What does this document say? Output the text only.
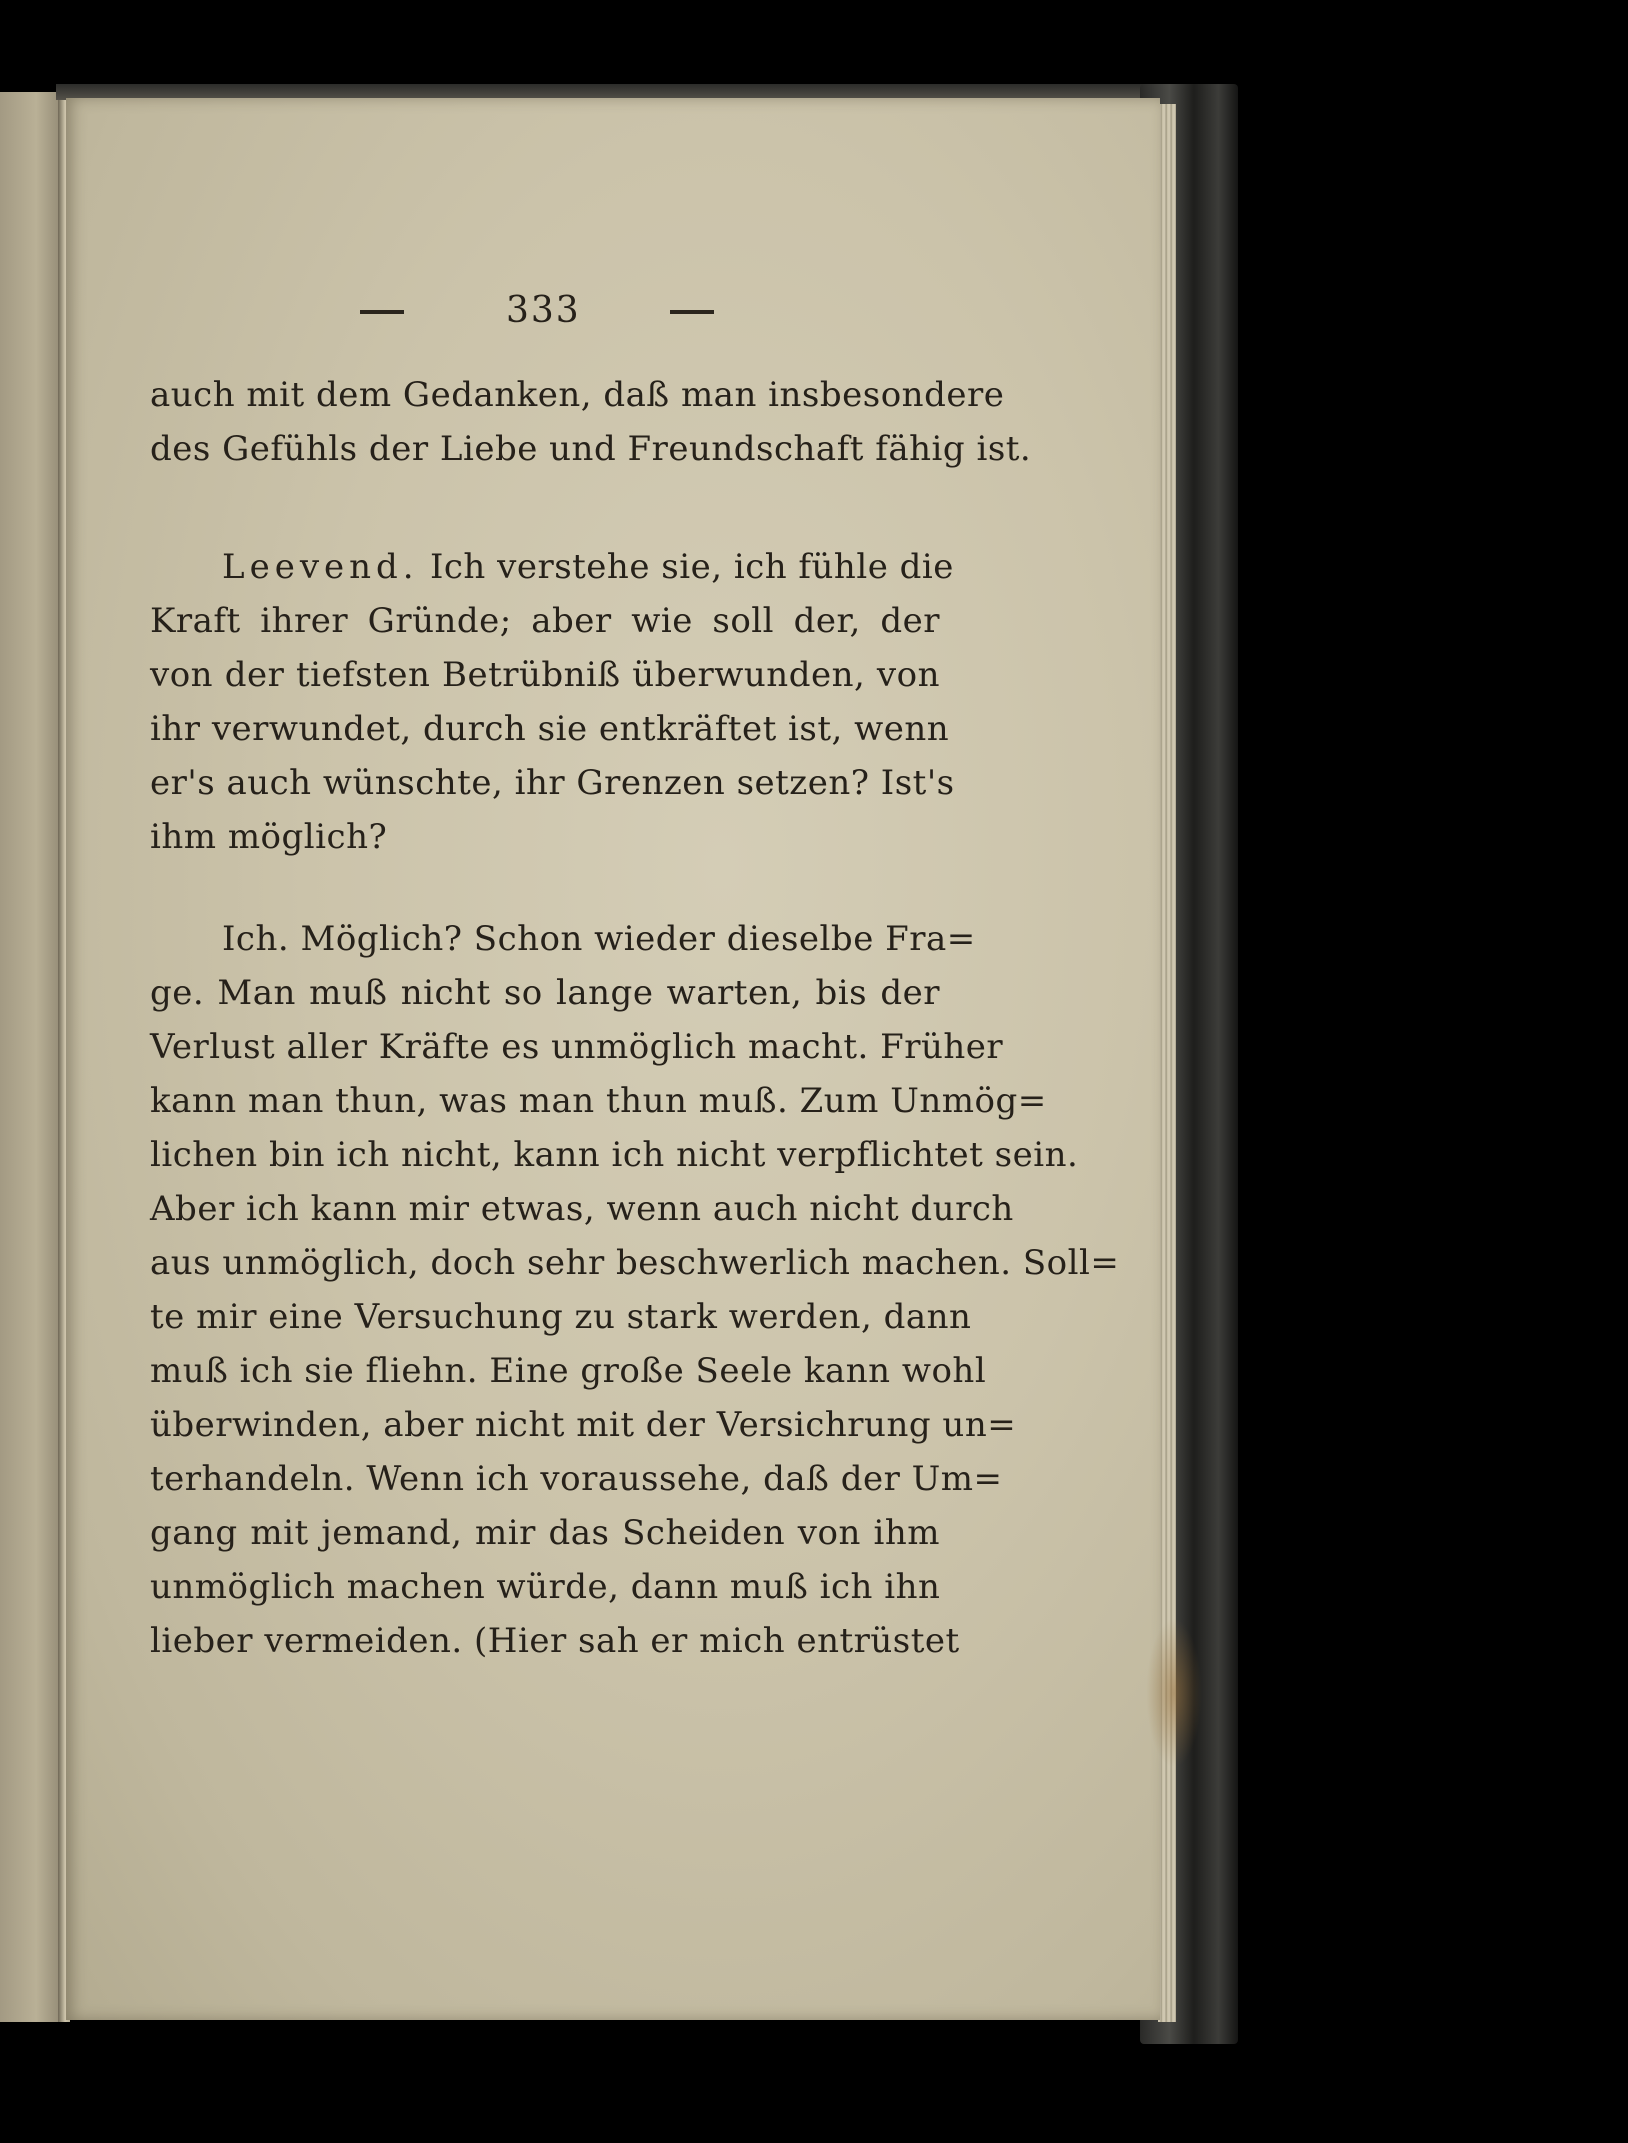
333
auch mit dem Gedanken, daß man insbesondere
des Gefühls der Liebe und Freundschaft fähig ist.
Leevend. Ich verstehe sie, ich fühle die
Kraft ihrer Gründe; aber wie soll der, der
von der tiefsten Betrübniß überwunden, von
ihr verwundet, durch sie entkräftet ist, wenn
er's auch wünschte, ihr Grenzen setzen? Ist's
ihm möglich?
Ich. Möglich? Schon wieder dieselbe Fra=
ge. Man muß nicht so lange warten, bis der
Verlust aller Kräfte es unmöglich macht. Früher
kann man thun, was man thun muß. Zum Unmög=
lichen bin ich nicht, kann ich nicht verpflichtet sein.
Aber ich kann mir etwas, wenn auch nicht durch
aus unmöglich, doch sehr beschwerlich machen. Soll=
te mir eine Versuchung zu stark werden, dann
muß ich sie fliehn. Eine große Seele kann wohl
überwinden, aber nicht mit der Versichrung un=
terhandeln. Wenn ich voraussehe, daß der Um=
gang mit jemand, mir das Scheiden von ihm
unmöglich machen würde, dann muß ich ihn
lieber vermeiden. (Hier sah er mich entrüstet
